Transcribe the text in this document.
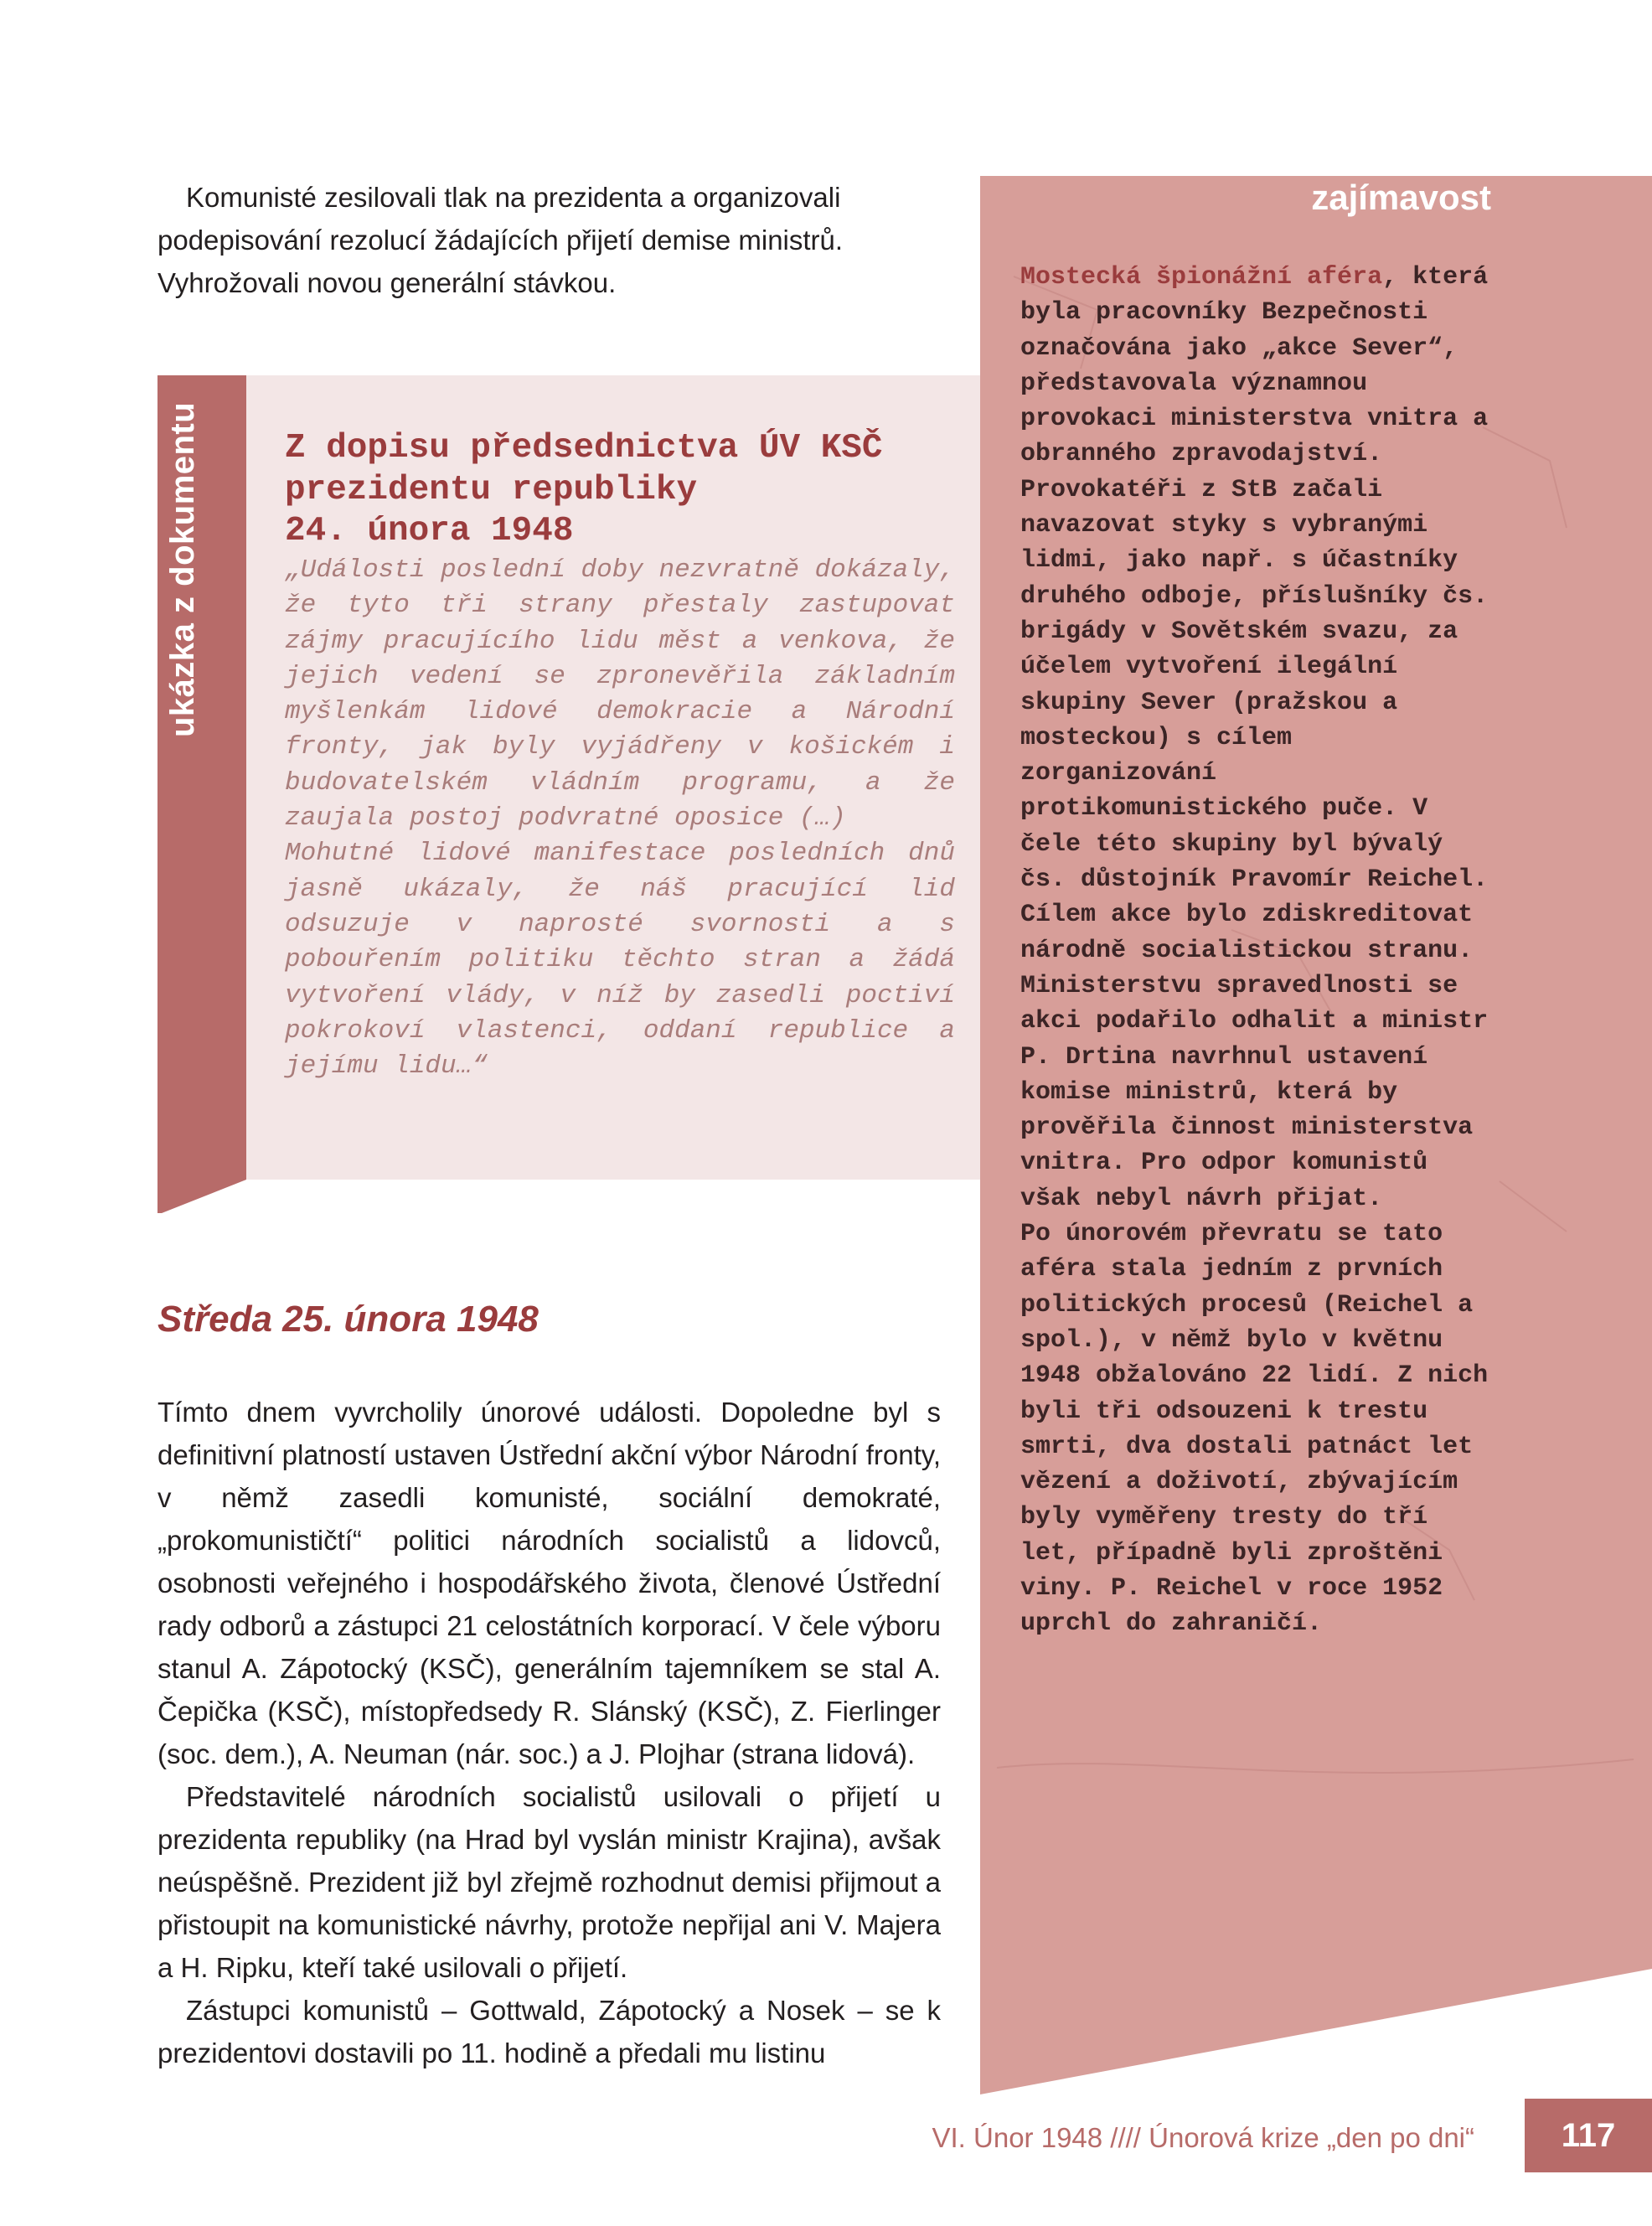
Komunisté zesilovali tlak na prezidenta a organizovali podepisování rezolucí žádajících přijetí demise ministrů. Vyhrožovali novou generální stávkou.

ukázka z dokumentu Z dopisu předsednictva ÚV KSČ prezidentu republiky
24. února 1948

„Události poslední doby nezvratně dokázaly, že tyto tři strany přestaly zastupovat zájmy pracujícího lidu měst a venkova, že jejich vedení se zpronevěřila základním myšlenkám lidové demokracie a Národní fronty, jak byly vyjádřeny v košickém i budovatelském vládním programu, a že zaujala postoj podvratné oposice (…)

Mohutné lidové manifestace posledních dnů jasně ukázaly, že náš pracující lid odsuzuje v naprosté svornosti a s pobouřením politiku těchto stran a žádá vytvoření vlády, v níž by zasedli poctiví pokrokoví vlastenci, oddaní republice a jejímu lidu…“

Středa 25. února 1948

Tímto dnem vyvrcholily únorové události. Dopoledne byl s definitivní platností ustaven Ústřední akční výbor Národní fronty, v němž zasedli komunisté, sociální demokraté, „prokomunističtí“ politici národních socialistů a lidovců, osobnosti veřejného i hospodářského života, členové Ústřední rady odborů a zástupci 21 celostátních korporací. V čele výboru stanul A. Zápotocký (KSČ), generálním tajemníkem se stal A. Čepička (KSČ), místopředsedy R. Slánský (KSČ), Z. Fierlinger (soc. dem.), A. Neuman (nár. soc.) a J. Plojhar (strana lidová).

Představitelé národních socialistů usilovali o přijetí u prezidenta republiky (na Hrad byl vyslán ministr Krajina), avšak neúspěšně. Prezident již byl zřejmě rozhodnut demisi přijmout a přistoupit na komunistické návrhy, protože nepřijal ani V. Majera a H. Ripku, kteří také usilovali o přijetí.

Zástupci komunistů – Gottwald, Zápotocký a Nosek – se k prezidentovi dostavili po 11. hodině a předali mu listinu

zajímavost

Mostecká špionážní aféra, která byla pracovníky Bezpečnosti označována jako „akce Sever“, představovala významnou provokaci ministerstva vnitra a obranného zpravodajství. Provokatéři z StB začali navazovat styky s vybranými lidmi, jako např. s účastníky druhého odboje, příslušníky čs. brigády v Sovětském svazu, za účelem vytvoření ilegální skupiny Sever (pražskou a mosteckou) s cílem zorganizování protikomunistického puče. V čele této skupiny byl bývalý čs. důstojník Pravomír Reichel. Cílem akce bylo zdiskreditovat národně socialistickou stranu. Ministerstvu spravedlnosti se akci podařilo odhalit a ministr P. Drtina navrhnul ustavení komise ministrů, která by prověřila činnost ministerstva vnitra. Pro odpor komunistů však nebyl návrh přijat.

Po únorovém převratu se tato aféra stala jedním z prvních politických procesů (Reichel a spol.), v němž bylo v květnu 1948 obžalováno 22 lidí. Z nich byli tři odsouzeni k trestu smrti, dva dostali patnáct let vězení a doživotí, zbývajícím byly vyměřeny tresty do tří let, případně byli zproštěni viny. P. Reichel v roce 1952 uprchl do zahraničí.

VI. Únor 1948 //// Únorová krize „den po dni“	117
